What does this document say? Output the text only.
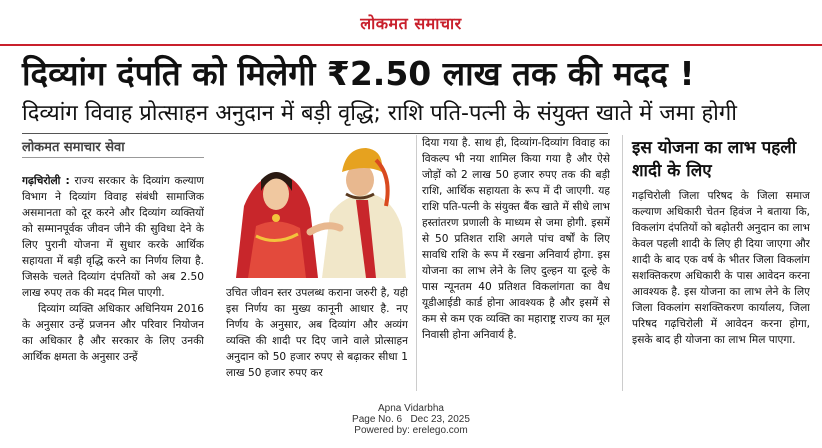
लोकमत समाचार
दिव्यांग दंपति को मिलेगी ₹2.50 लाख तक की मदद !
दिव्यांग विवाह प्रोत्साहन अनुदान में बड़ी वृद्धि; राशि पति-पत्नी के संयुक्त खाते में जमा होगी
लोकमत समाचार सेवा

गढ़चिरोली : राज्य सरकार के दिव्यांग कल्याण विभाग ने दिव्यांग विवाह संबंधी सामाजिक असमानता को दूर करने और दिव्यांग व्यक्तियों को सम्मानपूर्वक जीवन जीने की सुविधा देने के लिए पुरानी योजना में सुधार करके आर्थिक सहायता में बड़ी वृद्धि करने का निर्णय लिया है. जिसके चलते दिव्यांग दंपतियों को अब 2.50 लाख रुपए तक की मदद मिल पाएगी.

दिव्यांग व्यक्ति अधिकार अधिनियम 2016 के अनुसार उन्हें प्रजनन और परिवार नियोजन का अधिकार है और सरकार के लिए उनकी आर्थिक क्षमता के अनुसार उन्हें

उचित जीवन स्तर उपलब्ध कराना जरुरी है, यही इस निर्णय का मुख्य कानूनी आधार है. नए निर्णय के अनुसार, अब दिव्यांग और अव्यंग व्यक्ति की शादी पर दिए जाने वाले प्रोत्साहन अनुदान को 50 हजार रुपए से बढ़ाकर सीधा 1 लाख 50 हजार रुपए कर

दिया गया है. साथ ही, दिव्यांग-दिव्यांग विवाह का विकल्प भी नया शामिल किया गया है और ऐसे जोड़ों को 2 लाख 50 हजार रुपए तक की बड़ी राशि, आर्थिक सहायता के रूप में दी जाएगी. यह राशि पति-पत्नी के संयुक्त बैंक खाते में सीधे लाभ हस्तांतरण प्रणाली के माध्यम से जमा होगी. इसमें से 50 प्रतिशत राशि अगले पांच वर्षों के लिए सावधि राशि के रूप में रखना अनिवार्य होगा. इस योजना का लाभ लेने के लिए दुल्हन या दूल्हे के पास न्यूनतम 40 प्रतिशत विकलांगता का वैध यूडीआईडी कार्ड होना आवश्यक है और इसमें से कम से कम एक व्यक्ति का महाराष्ट्र राज्य का मूल निवासी होना अनिवार्य है.

इस योजना का लाभ पहली शादी के लिए

गढ़चिरोली जिला परिषद के जिला समाज कल्याण अधिकारी चेतन हिवंज ने बताया कि, विकलांग दंपतियों को बढ़ोतरी अनुदान का लाभ केवल पहली शादी के लिए ही दिया जाएगा और शादी के बाद एक वर्ष के भीतर जिला विकलांग सशक्तिकरण अधिकारी के पास आवेदन करना आवश्यक है. इस योजना का लाभ लेने के लिए जिला विकलांग सशक्तिकरण कार्यालय, जिला परिषद गढ़चिरोली में आवेदन करना होगा, इसके बाद ही योजना का लाभ मिल पाएगा.

Apna Vidarbha
Page No. 6 Dec 23, 2025
Powered by: erelego.com
